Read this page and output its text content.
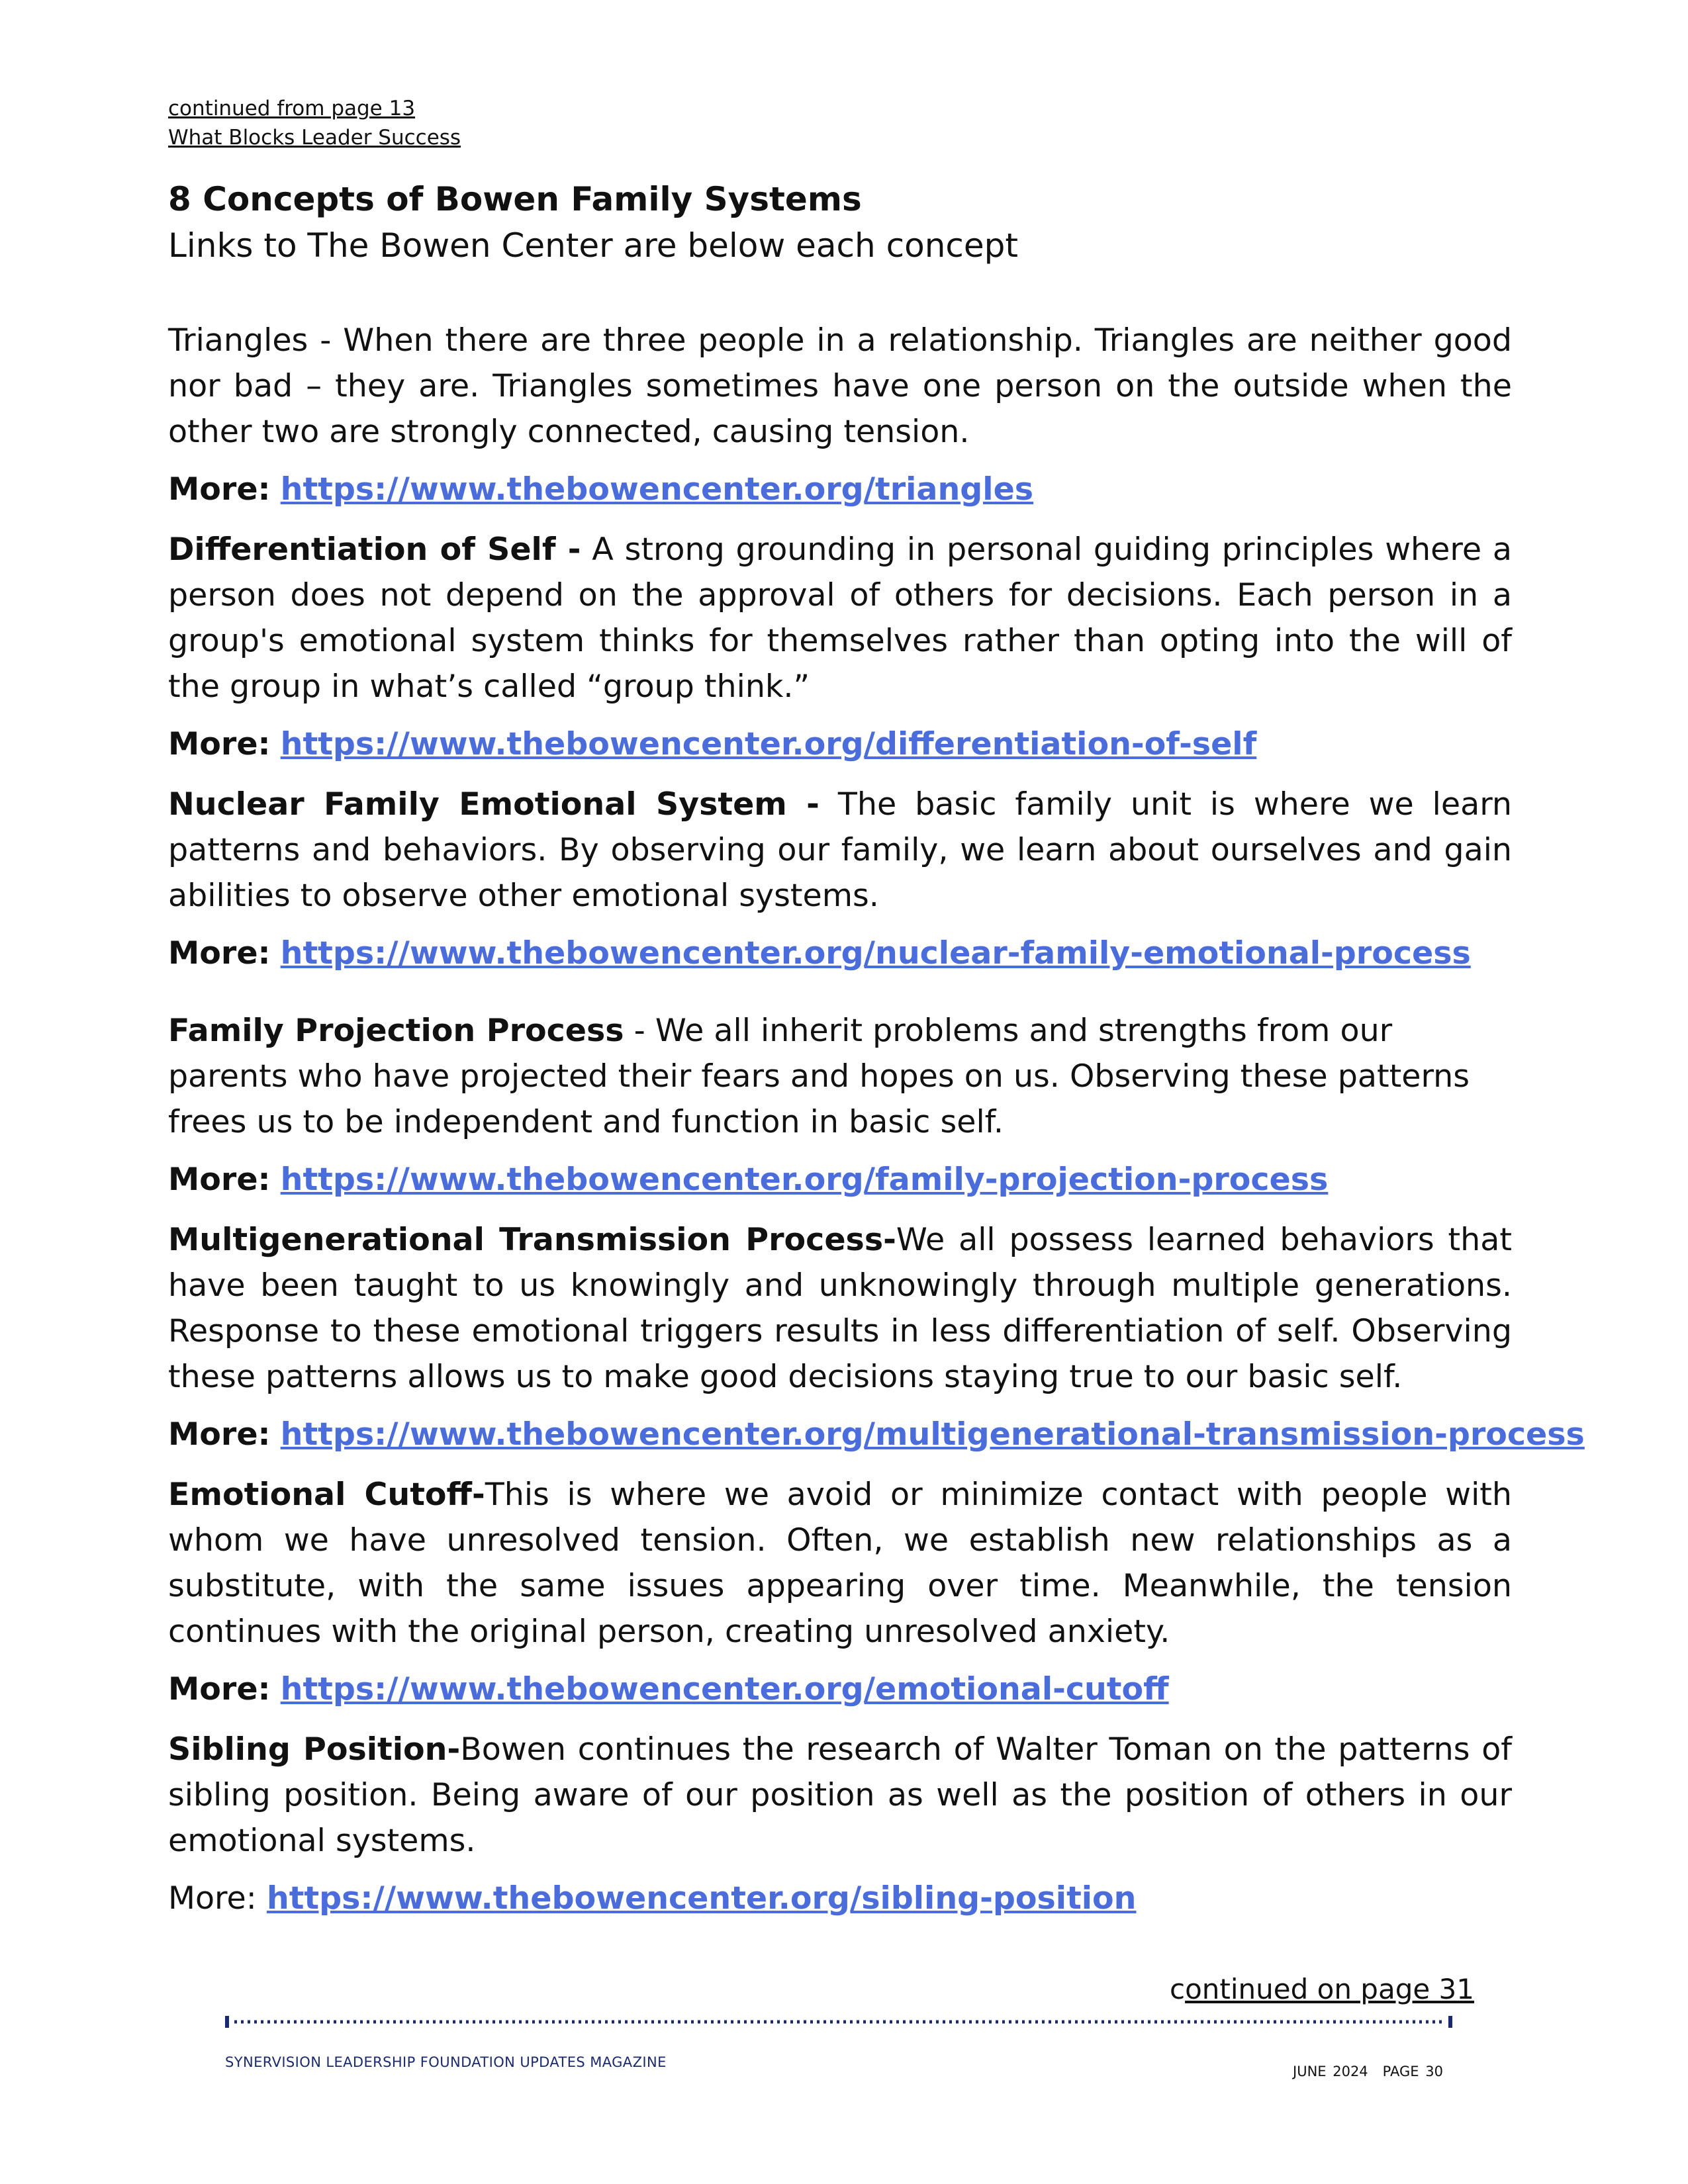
continued from page 13
What Blocks Leader Success
8 Concepts of Bowen Family Systems
Links to The Bowen Center are below each concept

Triangles - When there are three people in a relationship. Triangles are neither good nor bad – they are. Triangles sometimes have one person on the outside when the other two are strongly connected, causing tension.

More: https://www.thebowencenter.org/triangles

Differentiation of Self - A strong grounding in personal guiding principles where a person does not depend on the approval of others for decisions. Each person in a group's emotional system thinks for themselves rather than opting into the will of the group in what’s called “group think.”

More: https://www.thebowencenter.org/differentiation-of-self

Nuclear Family Emotional System - The basic family unit is where we learn patterns and behaviors. By observing our family, we learn about ourselves and gain abilities to observe other emotional systems.

More: https://www.thebowencenter.org/nuclear-family-emotional-process

Family Projection Process - We all inherit problems and strengths from our parents who have projected their fears and hopes on us. Observing these patterns frees us to be independent and function in basic self.

More: https://www.thebowencenter.org/family-projection-process

Multigenerational Transmission Process-We all possess learned behaviors that have been taught to us knowingly and unknowingly through multiple generations. Response to these emotional triggers results in less differentiation of self. Observing these patterns allows us to make good decisions staying true to our basic self.

More: https://www.thebowencenter.org/multigenerational-transmission-process

Emotional Cutoff-This is where we avoid or minimize contact with people with whom we have unresolved tension. Often, we establish new relationships as a substitute, with the same issues appearing over time. Meanwhile, the tension continues with the original person, creating unresolved anxiety.

More: https://www.thebowencenter.org/emotional-cutoff

Sibling Position-Bowen continues the research of Walter Toman on the patterns of sibling position. Being aware of our position as well as the position of others in our emotional systems.

More: https://www.thebowencenter.org/sibling-position

continued on page 31
SYNERVISION LEADERSHIP FOUNDATION UPDATES MAGAZINE
JUNE 2024 PAGE 30
